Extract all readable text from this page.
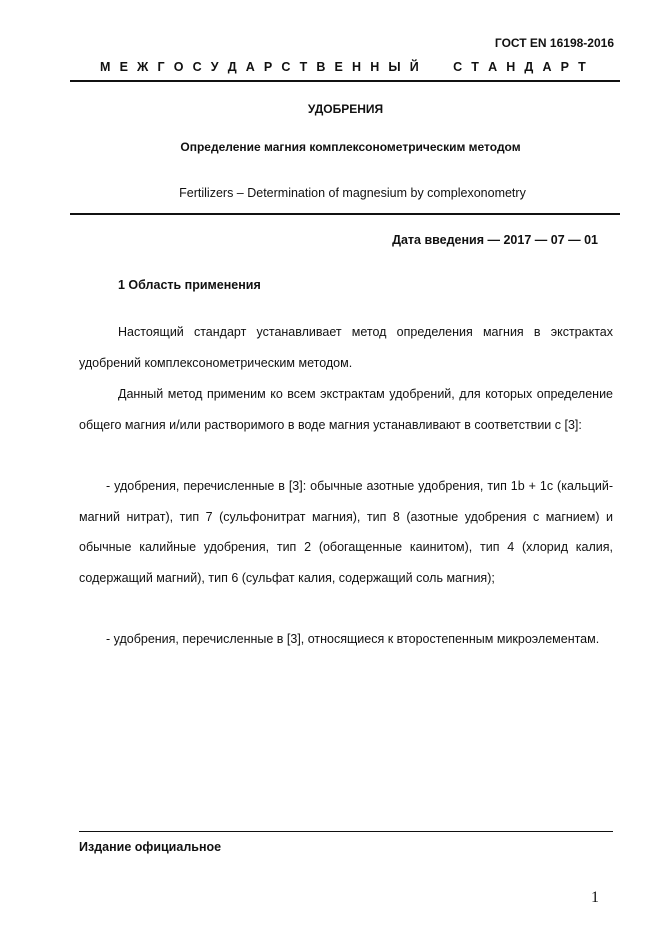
ГОСТ EN 16198-2016
М Е Ж Г О С У Д А Р С Т В Е Н Н Ы Й

	С Т А Н Д А Р Т
УДОБРЕНИЯ
Определение магния комплексонометрическим методом
Fertilizers – Determination of magnesium by complexonometry
Дата введения — 2017 — 07 — 01
1 Область применения

Настоящий стандарт устанавливает метод определения магния в экстрактах удобрений комплексонометрическим методом.

Данный метод применим ко всем экстрактам удобрений, для которых определение общего магния и/или растворимого в воде магния устанавливают в соответствии с [3]:

- удобрения, перечисленные в [3]: обычные азотные удобрения, тип 1b + 1c (кальций-магний нитрат), тип 7 (сульфонитрат магния), тип 8 (азотные удобрения с магнием) и обычные калийные удобрения, тип 2 (обогащенные каинитом), тип 4 (хлорид калия, содержащий магний), тип 6 (сульфат калия, содержащий соль магния);

- удобрения, перечисленные в [3], относящиеся к второстепенным микроэлементам.

Издание официальное
1
